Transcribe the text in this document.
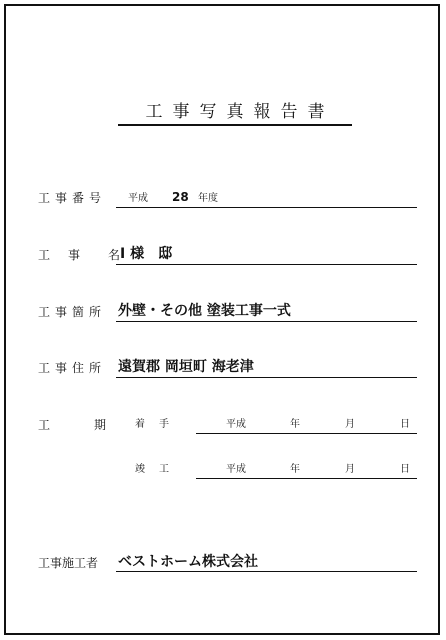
工事写真報告書
工事番号 平成 28 年度
工 事 名 I 様　邸
工事箇所 外壁・その他 塗装工事一式
工事住所 遠賀郡 岡垣町 海老津
工	期	着　手	平成	年	月	日
竣　工	平成	年	月	日
工事施工者 ベストホーム株式会社
